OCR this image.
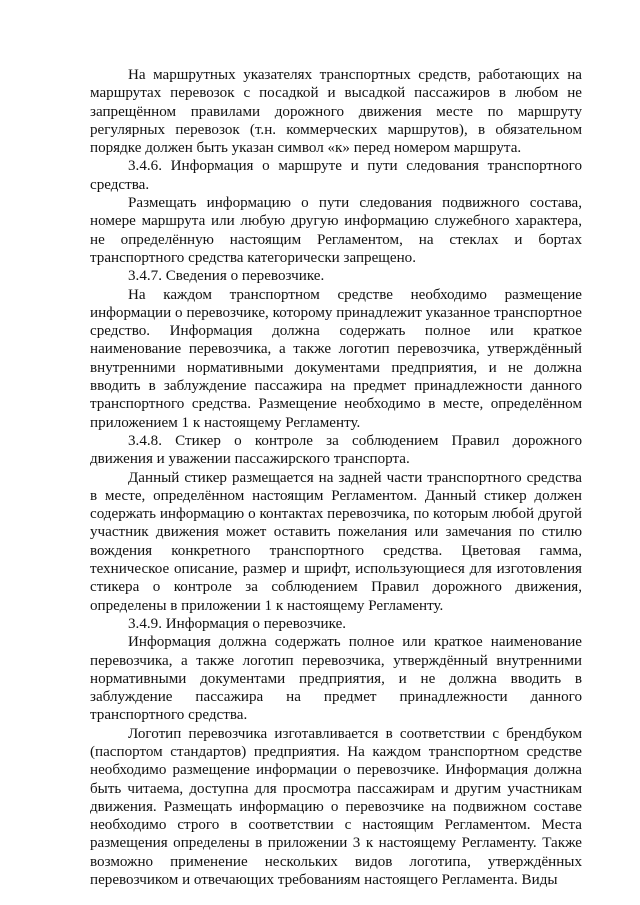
На маршрутных указателях транспортных средств, работающих на маршрутах перевозок с посадкой и высадкой пассажиров в любом не запрещённом правилами дорожного движения месте по маршруту регулярных перевозок (т.н. коммерческих маршрутов), в обязательном порядке должен быть указан символ «к» перед номером маршрута.

3.4.6. Информация о маршруте и пути следования транспортного средства.

Размещать информацию о пути следования подвижного состава, номере маршрута или любую другую информацию служебного характера, не определённую настоящим Регламентом, на стеклах и бортах транспортного средства категорически запрещено.

3.4.7. Сведения о перевозчике.

На каждом транспортном средстве необходимо размещение информации о перевозчике, которому принадлежит указанное транспортное средство. Информация должна содержать полное или краткое наименование перевозчика, а также логотип перевозчика, утверждённый внутренними нормативными документами предприятия, и не должна вводить в заблуждение пассажира на предмет принадлежности данного транспортного средства. Размещение необходимо в месте, определённом приложением 1 к настоящему Регламенту.

3.4.8. Стикер о контроле за соблюдением Правил дорожного движения и уважении пассажирского транспорта.

Данный стикер размещается на задней части транспортного средства в месте, определённом настоящим Регламентом. Данный стикер должен содержать информацию о контактах перевозчика, по которым любой другой участник движения может оставить пожелания или замечания по стилю вождения конкретного транспортного средства. Цветовая гамма, техническое описание, размер и шрифт, использующиеся для изготовления стикера о контроле за соблюдением Правил дорожного движения, определены в приложении 1 к настоящему Регламенту.

3.4.9. Информация о перевозчике.

Информация должна содержать полное или краткое наименование перевозчика, а также логотип перевозчика, утверждённый внутренними нормативными документами предприятия, и не должна вводить в заблуждение пассажира на предмет принадлежности данного транспортного средства.

Логотип перевозчика изготавливается в соответствии с брендбуком (паспортом стандартов) предприятия. На каждом транспортном средстве необходимо размещение информации о перевозчике. Информация должна быть читаема, доступна для просмотра пассажирам и другим участникам движения. Размещать информацию о перевозчике на подвижном составе необходимо строго в соответствии с настоящим Регламентом. Места размещения определены в приложении 3 к настоящему Регламенту. Также возможно применение нескольких видов логотипа, утверждённых перевозчиком и отвечающих требованиям настоящего Регламента. Виды
